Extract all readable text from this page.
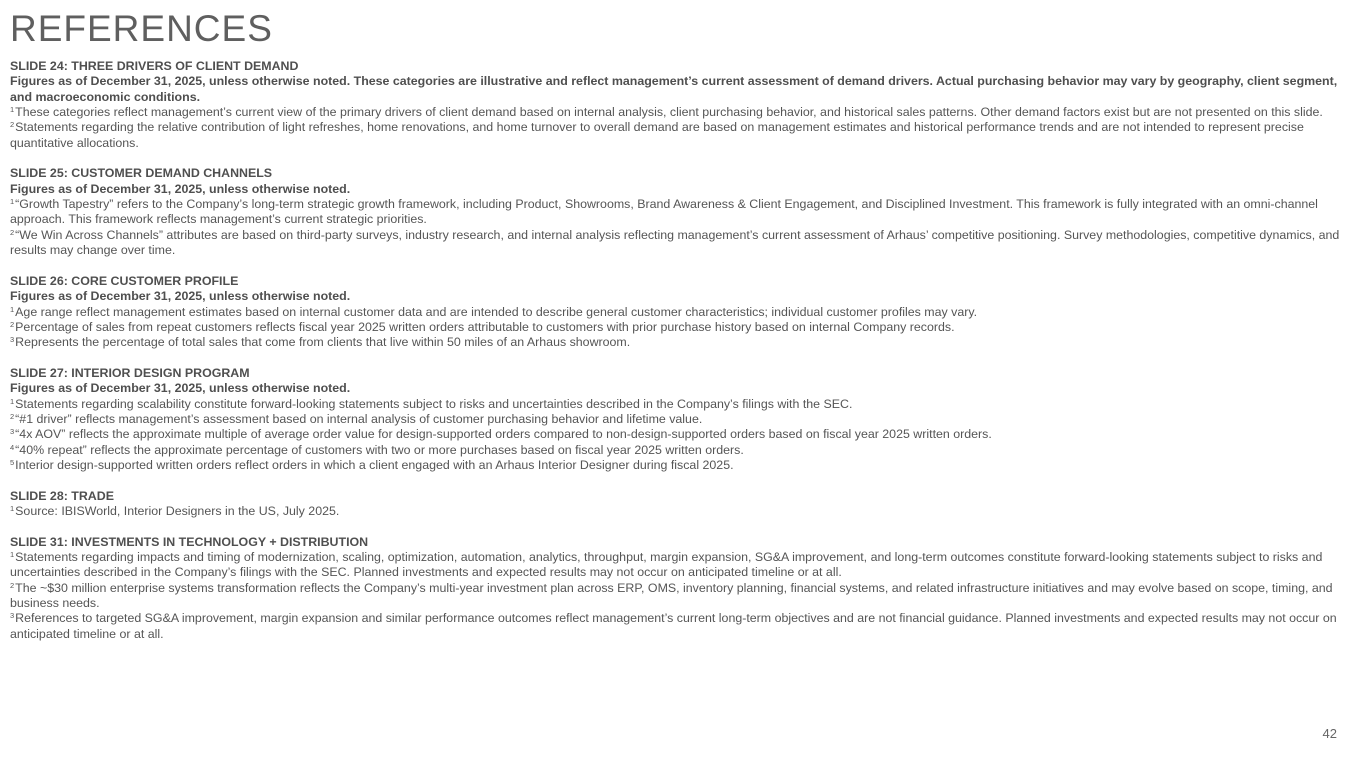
REFERENCES
SLIDE 24: THREE DRIVERS OF CLIENT DEMAND
Figures as of December 31, 2025, unless otherwise noted. These categories are illustrative and reflect management’s current assessment of demand drivers. Actual purchasing behavior may vary by geography, client segment, and macroeconomic conditions.
$^1$These categories reflect management’s current view of the primary drivers of client demand based on internal analysis, client purchasing behavior, and historical sales patterns. Other demand factors exist but are not presented on this slide.
$^2$Statements regarding the relative contribution of light refreshes, home renovations, and home turnover to overall demand are based on management estimates and historical performance trends and are not intended to represent precise quantitative allocations.
SLIDE 25: CUSTOMER DEMAND CHANNELS
Figures as of December 31, 2025, unless otherwise noted.
$^1$“Growth Tapestry” refers to the Company’s long-term strategic growth framework, including Product, Showrooms, Brand Awareness & Client Engagement, and Disciplined Investment. This framework is fully integrated with an omni-channel approach. This framework reflects management’s current strategic priorities.
$^2$“We Win Across Channels” attributes are based on third-party surveys, industry research, and internal analysis reflecting management’s current assessment of Arhaus’ competitive positioning. Survey methodologies, competitive dynamics, and results may change over time.
SLIDE 26: CORE CUSTOMER PROFILE
Figures as of December 31, 2025, unless otherwise noted.
$^1$Age range reflect management estimates based on internal customer data and are intended to describe general customer characteristics; individual customer profiles may vary.
$^2$Percentage of sales from repeat customers reflects fiscal year 2025 written orders attributable to customers with prior purchase history based on internal Company records.
$^3$Represents the percentage of total sales that come from clients that live within 50 miles of an Arhaus showroom.
SLIDE 27: INTERIOR DESIGN PROGRAM
Figures as of December 31, 2025, unless otherwise noted.
$^1$Statements regarding scalability constitute forward-looking statements subject to risks and uncertainties described in the Company’s filings with the SEC.
$^2$“#1 driver” reflects management’s assessment based on internal analysis of customer purchasing behavior and lifetime value.
$^3$“4x AOV” reflects the approximate multiple of average order value for design-supported orders compared to non-design-supported orders based on fiscal year 2025 written orders.
$^4$“40% repeat” reflects the approximate percentage of customers with two or more purchases based on fiscal year 2025 written orders.
$^5$Interior design-supported written orders reflect orders in which a client engaged with an Arhaus Interior Designer during fiscal 2025.
SLIDE 28: TRADE
$^1$Source: IBISWorld, Interior Designers in the US, July 2025.
SLIDE 31: INVESTMENTS IN TECHNOLOGY + DISTRIBUTION
$^1$Statements regarding impacts and timing of modernization, scaling, optimization, automation, analytics, throughput, margin expansion, SG&A improvement, and long-term outcomes constitute forward-looking statements subject to risks and uncertainties described in the Company’s filings with the SEC. Planned investments and expected results may not occur on anticipated timeline or at all.
$^2$The ~$30 million enterprise systems transformation reflects the Company’s multi-year investment plan across ERP, OMS, inventory planning, financial systems, and related infrastructure initiatives and may evolve based on scope, timing, and business needs.
$^3$References to targeted SG&A improvement, margin expansion and similar performance outcomes reflect management’s current long-term objectives and are not financial guidance. Planned investments and expected results may not occur on anticipated timeline or at all.
42
